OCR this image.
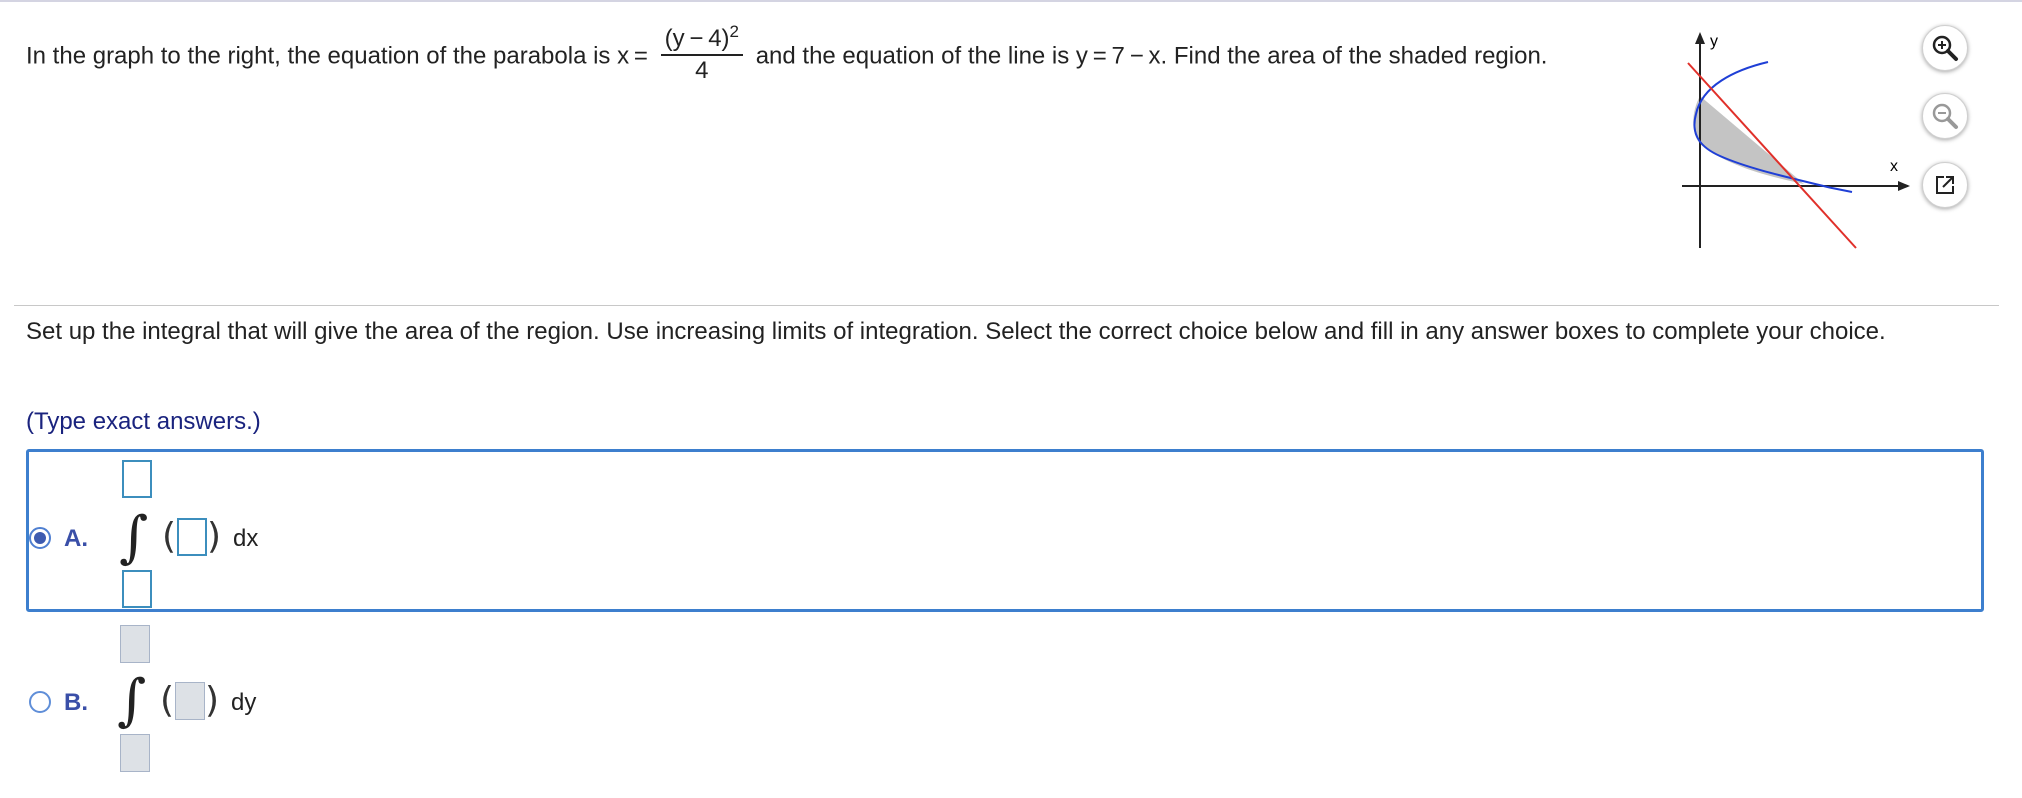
In the graph to the right, the equation of the parabola is $x = \frac{(y - 4)^2}{4}$ and the equation of the line is y = 7 − x. Find the area of the shaded region.
x
y
Set up the integral that will give the area of the region. Use increasing limits of integration. Select the correct choice below and fill in any answer boxes to complete your choice.
(Type exact answers.)
A. ∫ ( ) dx
B. ∫ ( ) dy
